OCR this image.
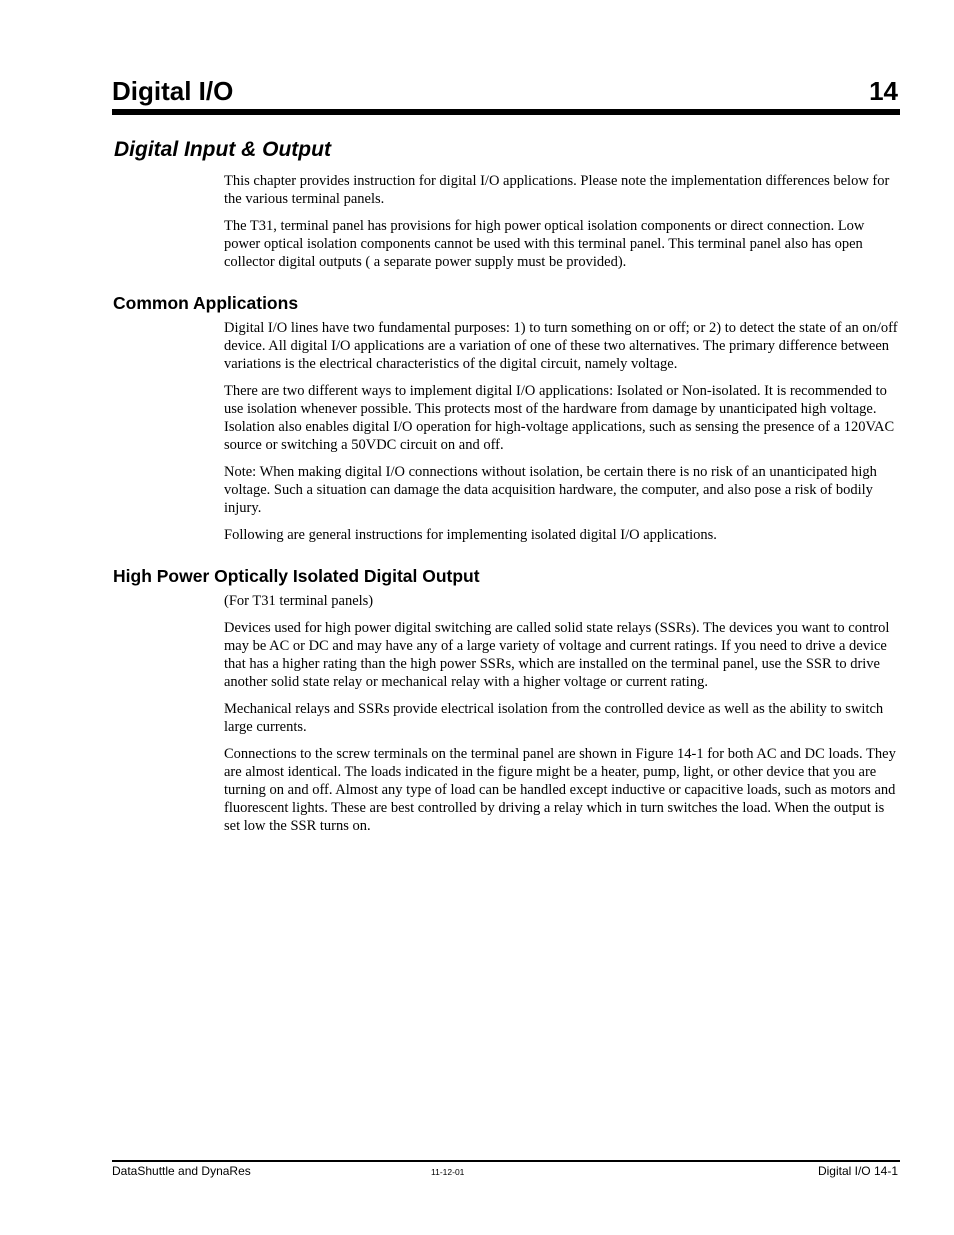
Digital I/O	14
Digital Input & Output

This chapter provides instruction for digital I/O applications. Please note the implementation differences below for the various terminal panels.

The T31, terminal panel has provisions for high power optical isolation components or direct connection. Low power optical isolation components cannot be used with this terminal panel. This terminal panel also has open collector digital outputs ( a separate power supply must be provided).

Common Applications

Digital I/O lines have two fundamental purposes: 1) to turn something on or off; or 2) to detect the state of an on/off device. All digital I/O applications are a variation of one of these two alternatives. The primary difference between variations is the electrical characteristics of the digital circuit, namely voltage.

There are two different ways to implement digital I/O applications: Isolated or Non-isolated. It is recommended to use isolation whenever possible. This protects most of the hardware from damage by unanticipated high voltage. Isolation also enables digital I/O operation for high-voltage applications, such as sensing the presence of a 120VAC source or switching a 50VDC circuit on and off.

Note: When making digital I/O connections without isolation, be certain there is no risk of an unanticipated high voltage. Such a situation can damage the data acquisition hardware, the computer, and also pose a risk of bodily injury.

Following are general instructions for implementing isolated digital I/O applications.

High Power Optically Isolated Digital Output

(For T31 terminal panels)

Devices used for high power digital switching are called solid state relays (SSRs). The devices you want to control may be AC or DC and may have any of a large variety of voltage and current ratings. If you need to drive a device that has a higher rating than the high power SSRs, which are installed on the terminal panel, use the SSR to drive another solid state relay or mechanical relay with a higher voltage or current rating.

Mechanical relays and SSRs provide electrical isolation from the controlled device as well as the ability to switch large currents.

Connections to the screw terminals on the terminal panel are shown in Figure 14-1 for both AC and DC loads. They are almost identical. The loads indicated in the figure might be a heater, pump, light, or other device that you are turning on and off. Almost any type of load can be handled except inductive or capacitive loads, such as motors and fluorescent lights. These are best controlled by driving a relay which in turn switches the load. When the output is set low the SSR turns on.

DataShuttle and DynaRes	11-12-01	Digital I/O 14-1
